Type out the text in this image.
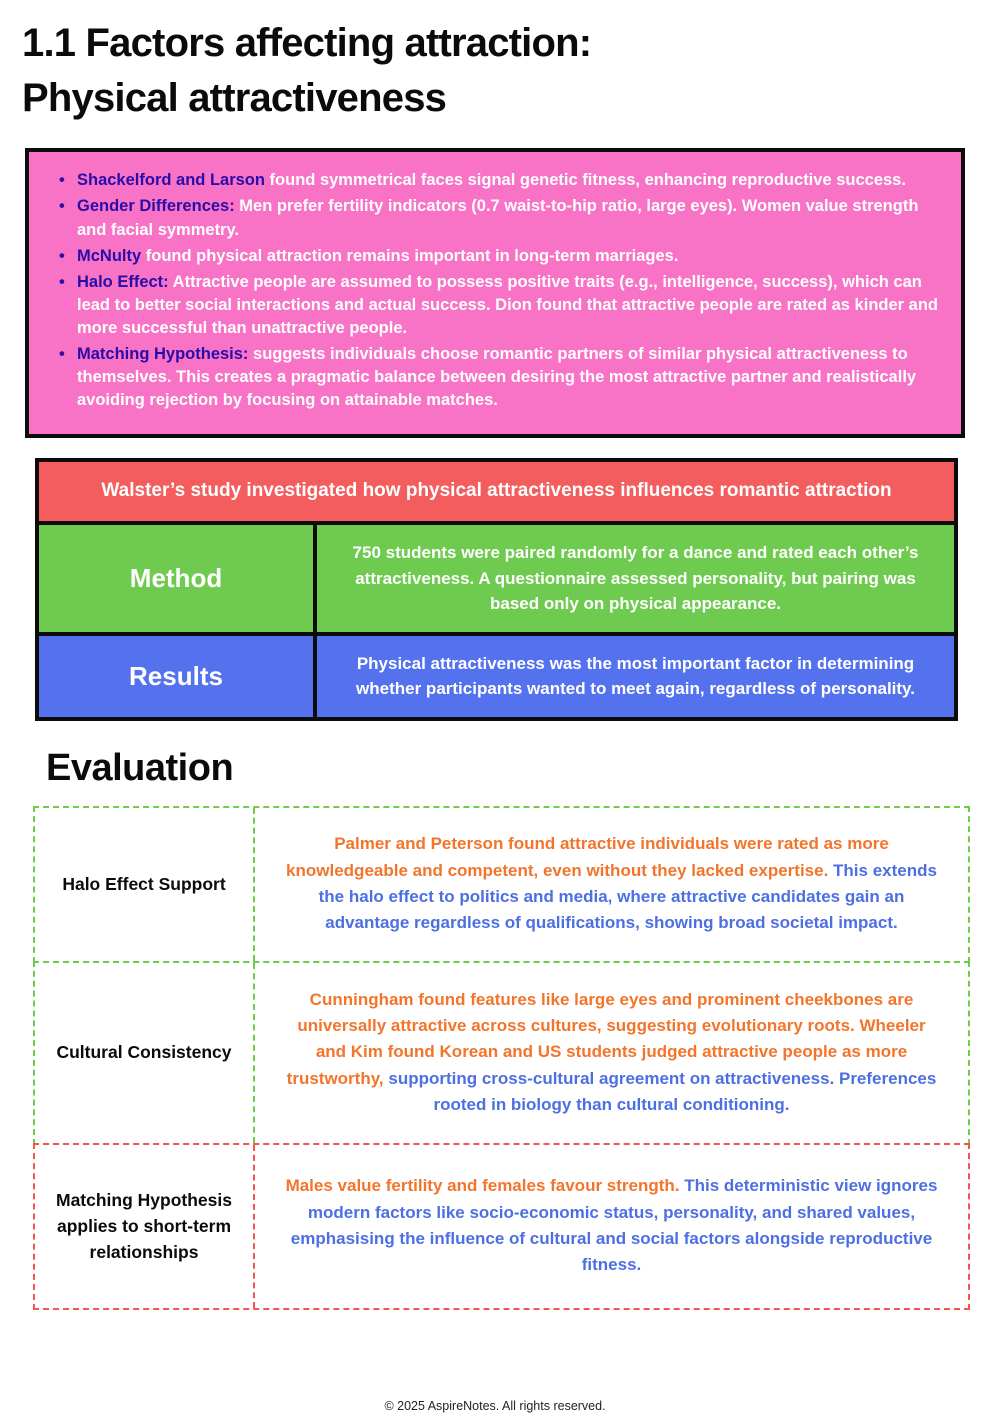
1.1 Factors affecting attraction:
Physical attractiveness
• Shackelford and Larson found symmetrical faces signal genetic fitness, enhancing reproductive success.
• Gender Differences: Men prefer fertility indicators (0.7 waist-to-hip ratio, large eyes). Women value strength and facial symmetry.
• McNulty found physical attraction remains important in long-term marriages.
• Halo Effect: Attractive people are assumed to possess positive traits (e.g., intelligence, success), which can lead to better social interactions and actual success. Dion found that attractive people are rated as kinder and more successful than unattractive people.
• Matching Hypothesis: suggests individuals choose romantic partners of similar physical attractiveness to themselves. This creates a pragmatic balance between desiring the most attractive partner and realistically avoiding rejection by focusing on attainable matches.
Walster’s study investigated how physical attractiveness influences romantic attraction
Method
750 students were paired randomly for a dance and rated each other’s attractiveness. A questionnaire assessed personality, but pairing was based only on physical appearance.
Results	Physical attractiveness was the most important factor in determining whether participants wanted to meet again, regardless of personality.
Evaluation
Halo Effect Support

Palmer and Peterson found attractive individuals were rated as more knowledgeable and competent, even without they lacked expertise. This extends the halo effect to politics and media, where attractive candidates gain an advantage regardless of qualifications, showing broad societal impact.

Cultural Consistency

Cunningham found features like large eyes and prominent cheekbones are universally attractive across cultures, suggesting evolutionary roots. Wheeler and Kim found Korean and US students judged attractive people as more trustworthy, supporting cross-cultural agreement on attractiveness. Preferences rooted in biology than cultural conditioning.

Matching Hypothesis applies to short-term relationships

Males value fertility and females favour strength. This deterministic view ignores modern factors like socio-economic status, personality, and shared values, emphasising the influence of cultural and social factors alongside reproductive fitness.

© 2025 AspireNotes. All rights reserved.
